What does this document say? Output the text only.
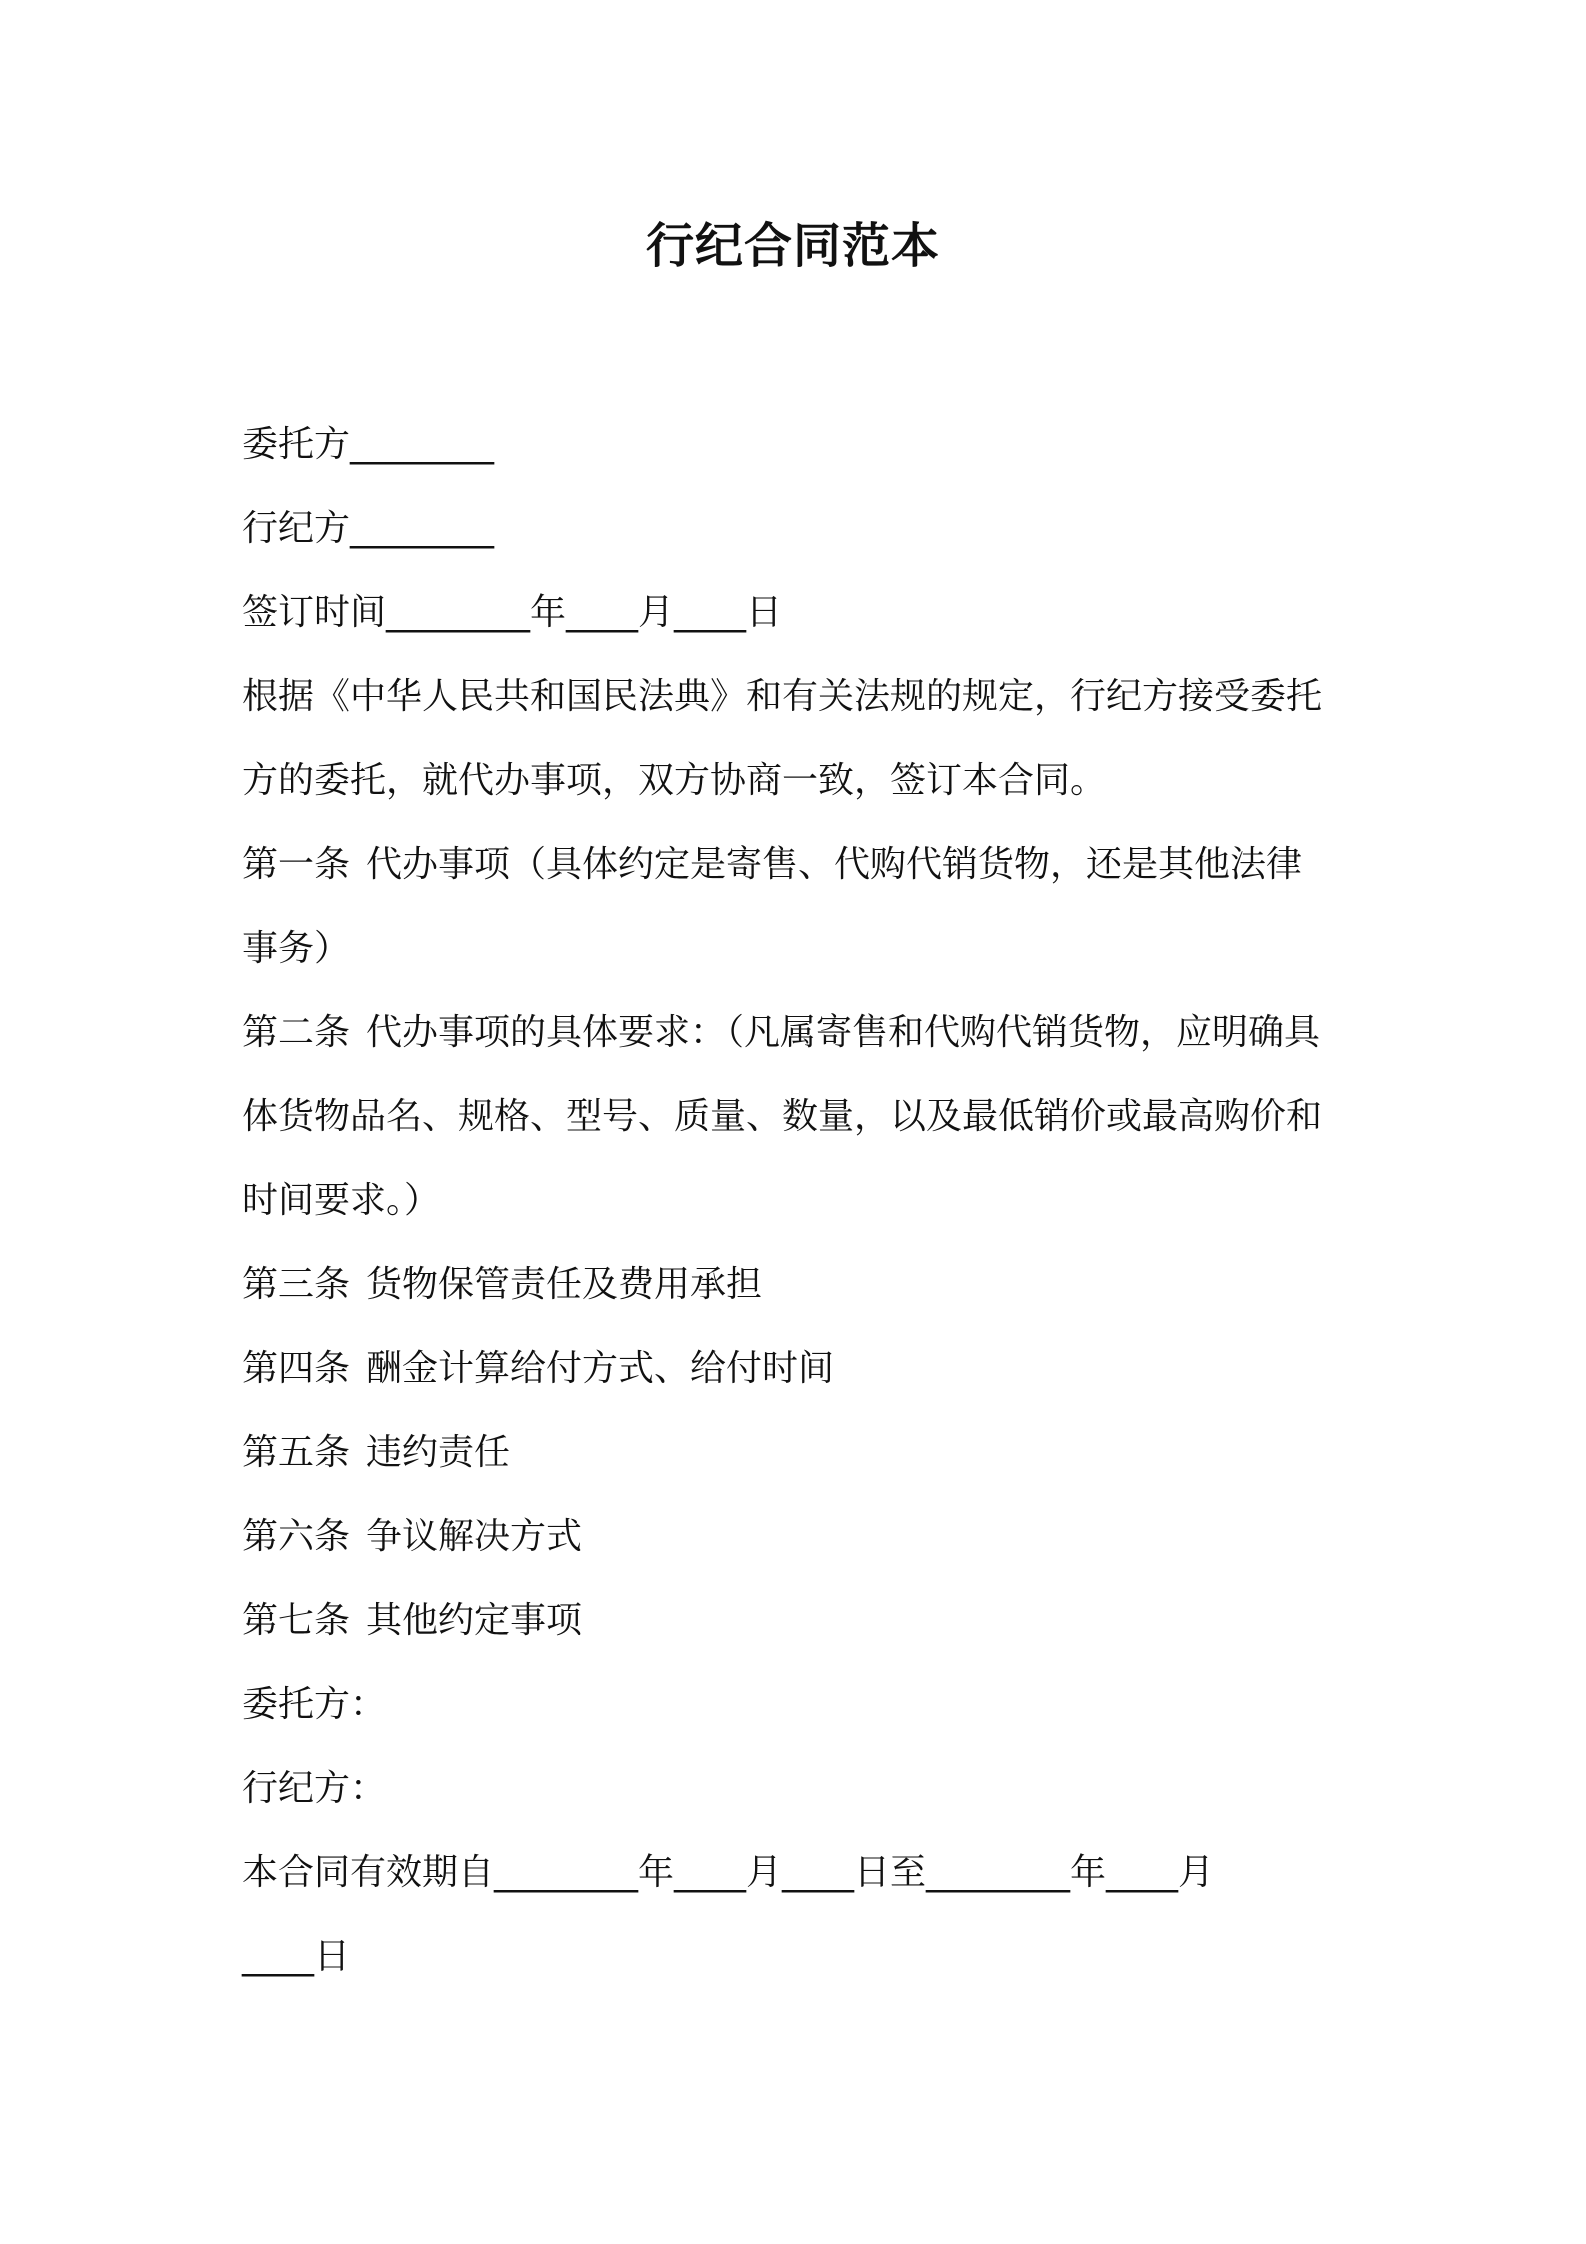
行纪合同范本
委托方________
行纪方________
签订时间________年____月____日
根据《中华人民共和国民法典》和有关法规的规定，行纪方接受委托
方的委托，就代办事项，双方协商一致，签订本合同。
第一条 代办事项（具体约定是寄售、代购代销货物，还是其他法律
事务）
第二条 代办事项的具体要求：（凡属寄售和代购代销货物，应明确具
体货物品名、规格、型号、质量、数量，以及最低销价或最高购价和
时间要求。）
第三条 货物保管责任及费用承担
第四条 酬金计算给付方式、给付时间
第五条 违约责任
第六条 争议解决方式
第七条 其他约定事项
委托方：
行纪方：
本合同有效期自________年____月____日至________年____月
____日
